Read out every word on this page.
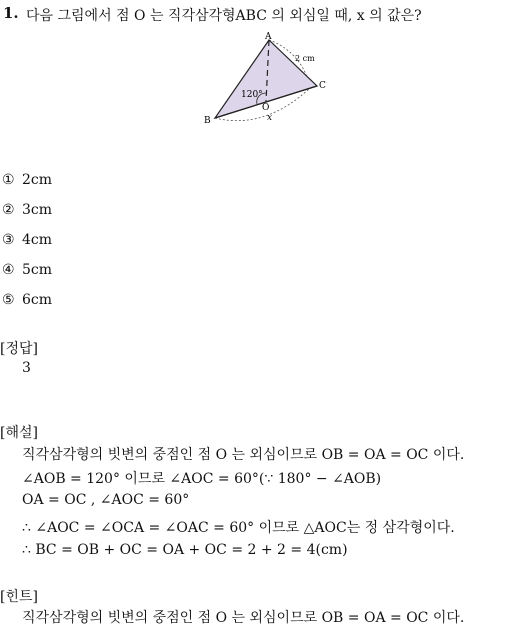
1. 다음 그림에서 점 O 는 직각삼각형ABC 의 외심일 때, x 의 값은?
A
B
C
O
2 cm
120°
x
① 2cm
② 3cm
③ 4cm
④ 5cm
⑤ 6cm
[정답]
3
[해설]
직각삼각형의 빗변의 중점인 점 O 는 외심이므로 OB = OA = OC 이다.
∠AOB = 120° 이므로 ∠AOC = 60°(∵ 180° − ∠AOB)
OA = OC , ∠AOC = 60°
∴ ∠AOC = ∠OCA = ∠OAC = 60° 이므로 △AOC는 정 삼각형이다.
∴ BC = OB + OC = OA + OC = 2 + 2 = 4(cm)
[힌트]
직각삼각형의 빗변의 중점인 점 O 는 외심이므로 OB = OA = OC 이다.
